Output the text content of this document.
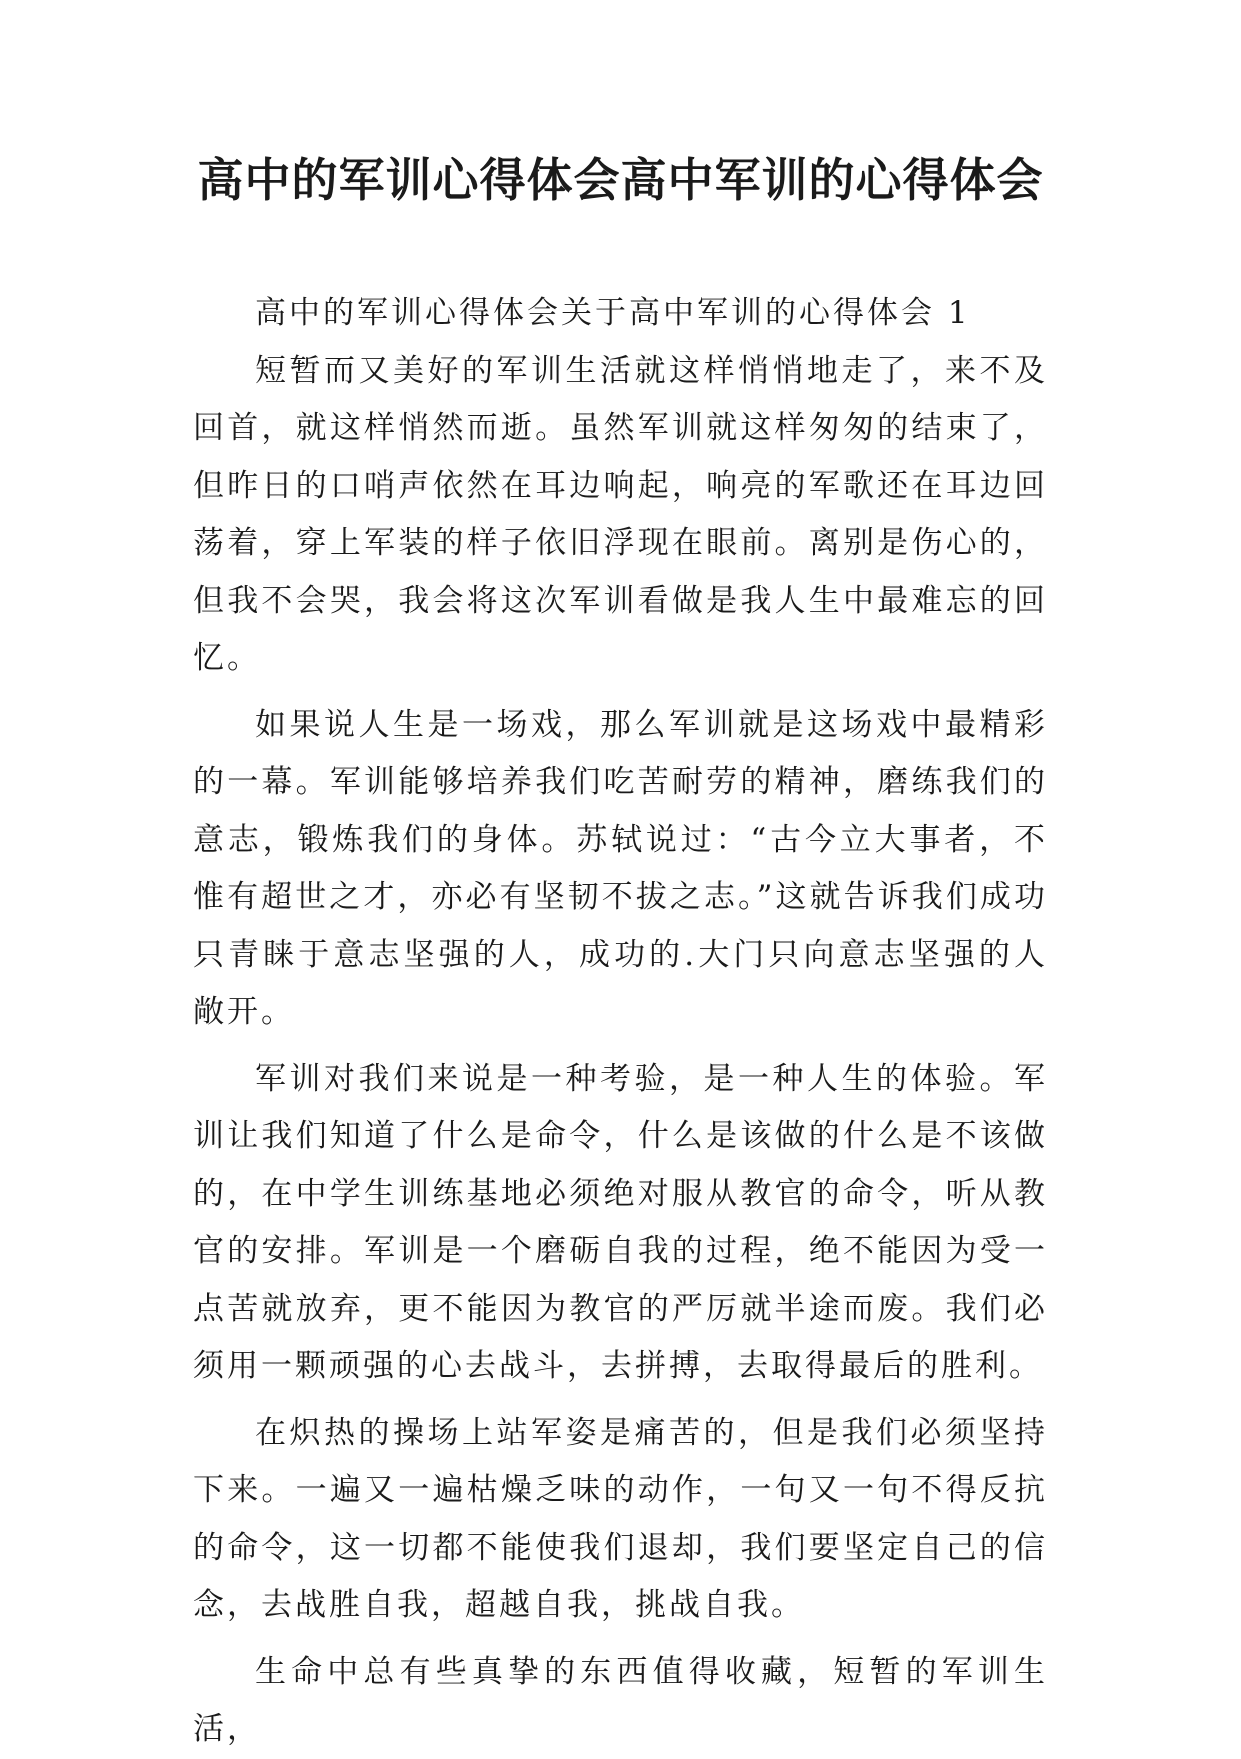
高中的军训心得体会高中军训的心得体会

高中的军训心得体会关于高中军训的心得体会 1

短暂而又美好的军训生活就这样悄悄地走了，来不及回首，就这样悄然而逝。虽然军训就这样匆匆的结束了，但昨日的口哨声依然在耳边响起，响亮的军歌还在耳边回荡着，穿上军装的样子依旧浮现在眼前。离别是伤心的，但我不会哭，我会将这次军训看做是我人生中最难忘的回忆。

如果说人生是一场戏，那么军训就是这场戏中最精彩的一幕。军训能够培养我们吃苦耐劳的精神，磨练我们的意志，锻炼我们的身体。苏轼说过：“古今立大事者，不惟有超世之才，亦必有坚韧不拔之志。”这就告诉我们成功只青睐于意志坚强的人，成功的.大门只向意志坚强的人敞开。

军训对我们来说是一种考验，是一种人生的体验。军训让我们知道了什么是命令，什么是该做的什么是不该做的，在中学生训练基地必须绝对服从教官的命令，听从教官的安排。军训是一个磨砺自我的过程，绝不能因为受一点苦就放弃，更不能因为教官的严厉就半途而废。我们必须用一颗顽强的心去战斗，去拼搏，去取得最后的胜利。

在炽热的操场上站军姿是痛苦的，但是我们必须坚持下来。一遍又一遍枯燥乏味的动作，一句又一句不得反抗的命令，这一切都不能使我们退却，我们要坚定自己的信念，去战胜自我，超越自我，挑战自我。

生命中总有些真挚的东西值得收藏，短暂的军训生活，
